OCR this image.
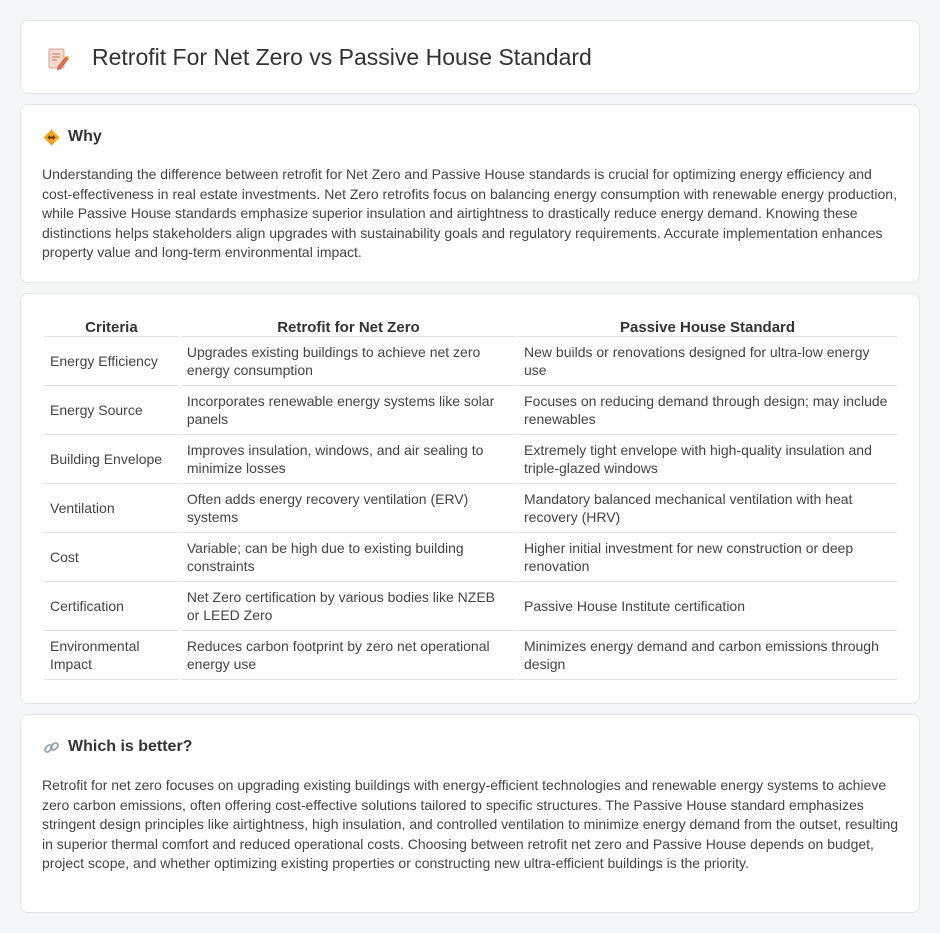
Retrofit For Net Zero vs Passive House Standard
Why

Understanding the difference between retrofit for Net Zero and Passive House standards is crucial for optimizing energy efficiency and cost-effectiveness in real estate investments. Net Zero retrofits focus on balancing energy consumption with renewable energy production, while Passive House standards emphasize superior insulation and airtightness to drastically reduce energy demand. Knowing these distinctions helps stakeholders align upgrades with sustainability goals and regulatory requirements. Accurate implementation enhances property value and long-term environmental impact.

Criteria	Retrofit for Net Zero	Passive House Standard
Energy Efficiency	Upgrades existing buildings to achieve net zero energy consumption	New builds or renovations designed for ultra-low energy use
Energy Source	Incorporates renewable energy systems like solar panels	Focuses on reducing demand through design; may include renewables
Building Envelope	Improves insulation, windows, and air sealing to minimize losses	Extremely tight envelope with high-quality insulation and triple-glazed windows
Ventilation	Often adds energy recovery ventilation (ERV) systems	Mandatory balanced mechanical ventilation with heat recovery (HRV)
Cost	Variable; can be high due to existing building constraints	Higher initial investment for new construction or deep renovation
Certification	Net Zero certification by various bodies like NZEB or LEED Zero	Passive House Institute certification
Environmental Impact	Reduces carbon footprint by zero net operational energy use	Minimizes energy demand and carbon emissions through design
Which is better?

Retrofit for net zero focuses on upgrading existing buildings with energy-efficient technologies and renewable energy systems to achieve zero carbon emissions, often offering cost-effective solutions tailored to specific structures. The Passive House standard emphasizes stringent design principles like airtightness, high insulation, and controlled ventilation to minimize energy demand from the outset, resulting in superior thermal comfort and reduced operational costs. Choosing between retrofit net zero and Passive House depends on budget, project scope, and whether optimizing existing properties or constructing new ultra-efficient buildings is the priority.
